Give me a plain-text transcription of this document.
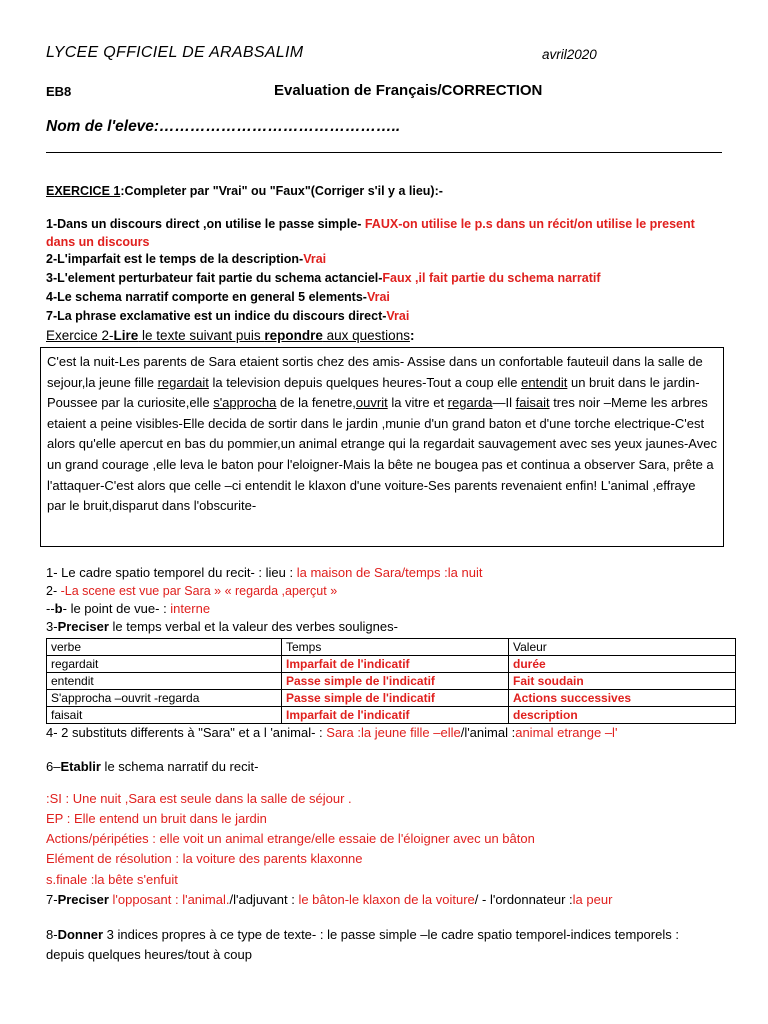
LYCEE QFFICIEL DE ARABSALIM	avril2020
EB8	Evaluation de Français/CORRECTION
Nom de l'eleve:………………………………………..
EXERCICE 1:Completer par "Vrai" ou "Faux"(Corriger s'il y a lieu):-
1-Dans un discours direct ,on utilise le passe simple- FAUX-on utilise le p.s dans un récit/on utilise le present dans un discours
2-L'imparfait est le temps de la description-Vrai
3-L'element perturbateur fait partie du schema actanciel-Faux ,il fait partie du schema narratif
4-Le schema narratif comporte en general 5 elements-Vrai
7-La phrase exclamative est un indice du discours direct-Vrai
Exercice 2-Lire le texte suivant puis repondre aux questions:
C'est la nuit-Les parents de Sara etaient sortis chez des amis- Assise dans un confortable fauteuil dans la salle de sejour,la jeune fille regardait la television depuis quelques heures-Tout a coup elle entendit un bruit dans le jardin-Poussee par la curiosite,elle s'approcha de la fenetre,ouvrit la vitre et regarda—Il faisait tres noir –Meme les arbres etaient a peine visibles-Elle decida de sortir dans le jardin ,munie d'un grand baton et d'une torche electrique-C'est alors qu'elle apercut en bas du pommier,un animal etrange qui la regardait sauvagement avec ses yeux jaunes-Avec un grand courage ,elle leva le baton pour l'eloigner-Mais la bête ne bougea pas et continua a observer Sara, prête a l'attaquer-C'est alors que celle –ci entendit le klaxon d'une voiture-Ses parents revenaient enfin! L'animal ,effraye par le bruit,disparut dans l'obscurite-
1- Le cadre spatio temporel du recit- : lieu : la maison de Sara/temps :la nuit
2- -La scene est vue par Sara » « regarda ,aperçut »
--b- le point de vue- : interne
3-Preciser le temps verbal et la valeur des verbes soulignes-
verbe	Temps	Valeur
regardait	Imparfait de l'indicatif	durée
entendit	Passe simple de l'indicatif	Fait soudain
S'approcha –ouvrit -regarda	Passe simple de l'indicatif	Actions successives
faisait	Imparfait de l'indicatif	description
4- 2 substituts differents à "Sara" et a l 'animal- : Sara :la jeune fille –elle/l'animal :animal etrange –l'
6–Etablir le schema narratif du recit-
:SI : Une nuit ,Sara est seule dans la salle de séjour .
EP : Elle entend un bruit dans le jardin
Actions/péripéties : elle voit un animal etrange/elle essaie de l'éloigner avec un bâton
Elément de résolution : la voiture des parents klaxonne
s.finale :la bête s'enfuit
7-Preciser l'opposant : l'animal./l'adjuvant : le bâton-le klaxon de la voiture/ - l'ordonnateur :la peur
8-Donner 3 indices propres à ce type de texte- : le passe simple –le cadre spatio temporel-indices temporels : depuis quelques heures/tout à coup
